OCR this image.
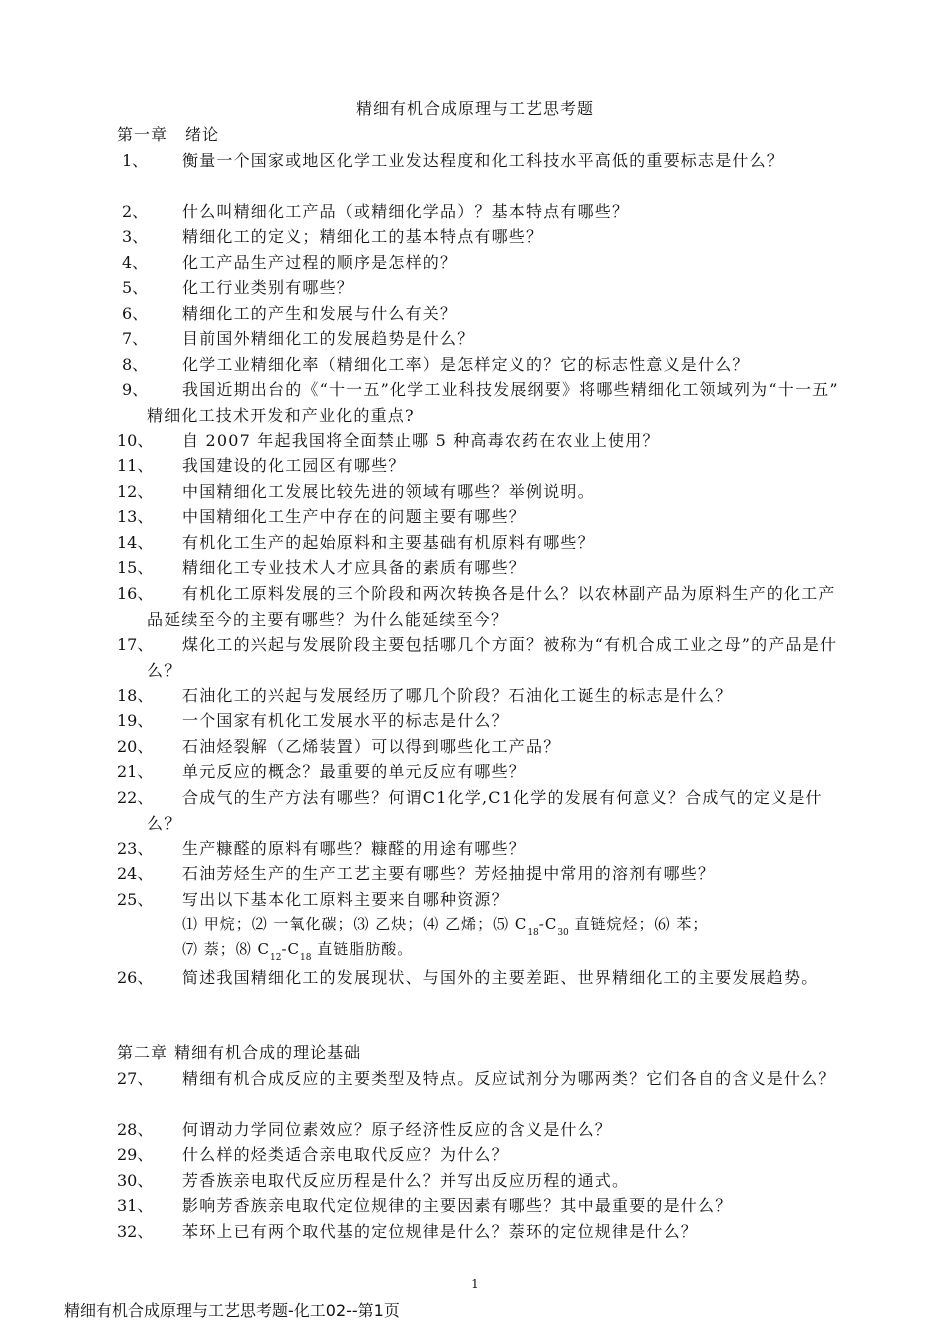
精细有机合成原理与工艺思考题
第一章　绪论
1、	衡量一个国家或地区化学工业发达程度和化工科技水平高低的重要标志是什么？
2、	什么叫精细化工产品（或精细化学品）？基本特点有哪些？
3、	精细化工的定义；精细化工的基本特点有哪些？
4、	化工产品生产过程的顺序是怎样的？
5、	化工行业类别有哪些？
6、	精细化工的产生和发展与什么有关？
7、	目前国外精细化工的发展趋势是什么？
8、	化学工业精细化率（精细化工率）是怎样定义的？它的标志性意义是什么？
9、	我国近期出台的《“十一五”化学工业科技发展纲要》将哪些精细化工领域列为“十一五” 精细化工技术开发和产业化的重点?
10、	自 2007 年起我国将全面禁止哪 5 种高毒农药在农业上使用？
11、	我国建设的化工园区有哪些？
12、	中国精细化工发展比较先进的领域有哪些？举例说明。
13、	中国精细化工生产中存在的问题主要有哪些？
14、	有机化工生产的起始原料和主要基础有机原料有哪些？
15、	精细化工专业技术人才应具备的素质有哪些？
16、	有机化工原料发展的三个阶段和两次转换各是什么？以农林副产品为原料生产的化工产品延续至今的主要有哪些？为什么能延续至今？
17、	煤化工的兴起与发展阶段主要包括哪几个方面？被称为“有机合成工业之母”的产品是什么？
18、	石油化工的兴起与发展经历了哪几个阶段？石油化工诞生的标志是什么？
19、	一个国家有机化工发展水平的标志是什么？
20、	石油烃裂解（乙烯装置）可以得到哪些化工产品？
21、	单元反应的概念？最重要的单元反应有哪些？
22、	合成气的生产方法有哪些？何谓C1化学,C1化学的发展有何意义？合成气的定义是什么？
23、	生产糠醛的原料有哪些？糠醛的用途有哪些？
24、	石油芳烃生产的生产工艺主要有哪些？芳烃抽提中常用的溶剂有哪些？
25、	写出以下基本化工原料主要来自哪种资源？
⑴ 甲烷；⑵ 一氧化碳；⑶ 乙炔；⑷ 乙烯；⑸ $C_{18}-C_{30}$ 直链烷烃；⑹ 苯；
⑺ 萘；⑻ $C_{12}-C_{18}$ 直链脂肪酸。
26、	简述我国精细化工的发展现状、与国外的主要差距、世界精细化工的主要发展趋势。
第二章 精细有机合成的理论基础
27、	精细有机合成反应的主要类型及特点。反应试剂分为哪两类？它们各自的含义是什么？
28、	何谓动力学同位素效应？原子经济性反应的含义是什么？
29、	什么样的烃类适合亲电取代反应？为什么？
30、	芳香族亲电取代反应历程是什么？并写出反应历程的通式。
31、	影响芳香族亲电取代定位规律的主要因素有哪些？其中最重要的是什么？
32、	苯环上已有两个取代基的定位规律是什么？萘环的定位规律是什么？
1
精细有机合成原理与工艺思考题-化工02--第1页
